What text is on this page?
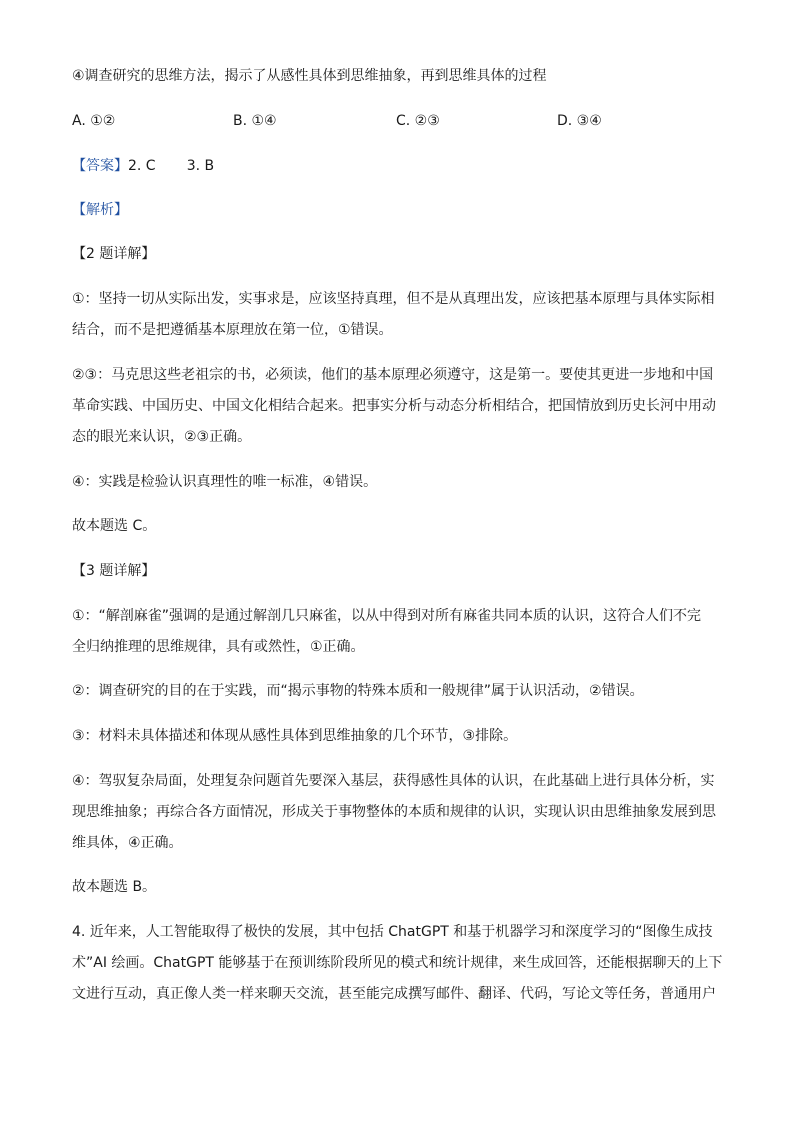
④调查研究的思维方法，揭示了从感性具体到思维抽象，再到思维具体的过程
A. ①②	B. ①④	C. ②③	D. ③④
【答案】2. C       3. B
【解析】
【2 题详解】
①：坚持一切从实际出发，实事求是，应该坚持真理，但不是从真理出发，应该把基本原理与具体实际相
结合，而不是把遵循基本原理放在第一位，①错误。
②③：马克思这些老祖宗的书，必须读，他们的基本原理必须遵守，这是第一。要使其更进一步地和中国
革命实践、中国历史、中国文化相结合起来。把事实分析与动态分析相结合，把国情放到历史长河中用动
态的眼光来认识，②③正确。
④：实践是检验认识真理性的唯一标准，④错误。
故本题选 C。
【3 题详解】
①：“解剖麻雀”强调的是通过解剖几只麻雀，以从中得到对所有麻雀共同本质的认识，这符合人们不完
全归纳推理的思维规律，具有或然性，①正确。
②：调查研究的目的在于实践，而“揭示事物的特殊本质和一般规律”属于认识活动，②错误。
③：材料未具体描述和体现从感性具体到思维抽象的几个环节，③排除。
④：驾驭复杂局面，处理复杂问题首先要深入基层，获得感性具体的认识，在此基础上进行具体分析，实
现思维抽象；再综合各方面情况，形成关于事物整体的本质和规律的认识，实现认识由思维抽象发展到思
维具体，④正确。
故本题选 B。
4. 近年来，人工智能取得了极快的发展，其中包括 ChatGPT 和基于机器学习和深度学习的“图像生成技
术”AI 绘画。ChatGPT 能够基于在预训练阶段所见的模式和统计规律，来生成回答，还能根据聊天的上下
文进行互动，真正像人类一样来聊天交流，甚至能完成撰写邮件、翻译、代码，写论文等任务，普通用户
